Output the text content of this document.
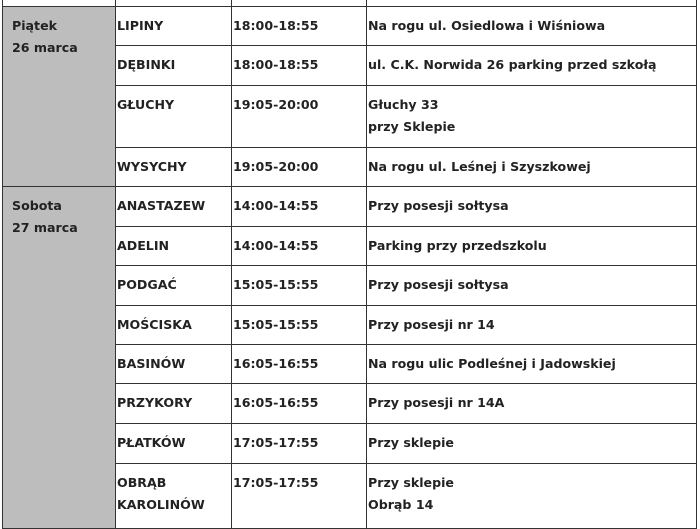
Piątek
26 marca	LIPINY	18:00-18:55	Na rogu ul. Osiedlowa i Wiśniowa

	DĘBINKI	18:00-18:55	ul. C.K. Norwida 26 parking przed szkołą

	GŁUCHY	19:05-20:00	Głuchy 33
przy Sklepie

	WYSYCHY	19:05-20:00	Na rogu ul. Leśnej i Szyszkowej

Sobota
27 marca	ANASTAZEW	14:00-14:55	Przy posesji sołtysa

	ADELIN	14:00-14:55	Parking przy przedszkolu

	PODGAĆ	15:05-15:55	Przy posesji sołtysa

	MOŚCISKA	15:05-15:55	Przy posesji nr 14

	BASINÓW	16:05-16:55	Na rogu ulic Podleśnej i Jadowskiej

	PRZYKORY	16:05-16:55	Przy posesji nr 14A

	PŁATKÓW	17:05-17:55	Przy sklepie

	OBRĄB
KAROLINÓW	17:05-17:55	Przy sklepie
Obrąb 14
